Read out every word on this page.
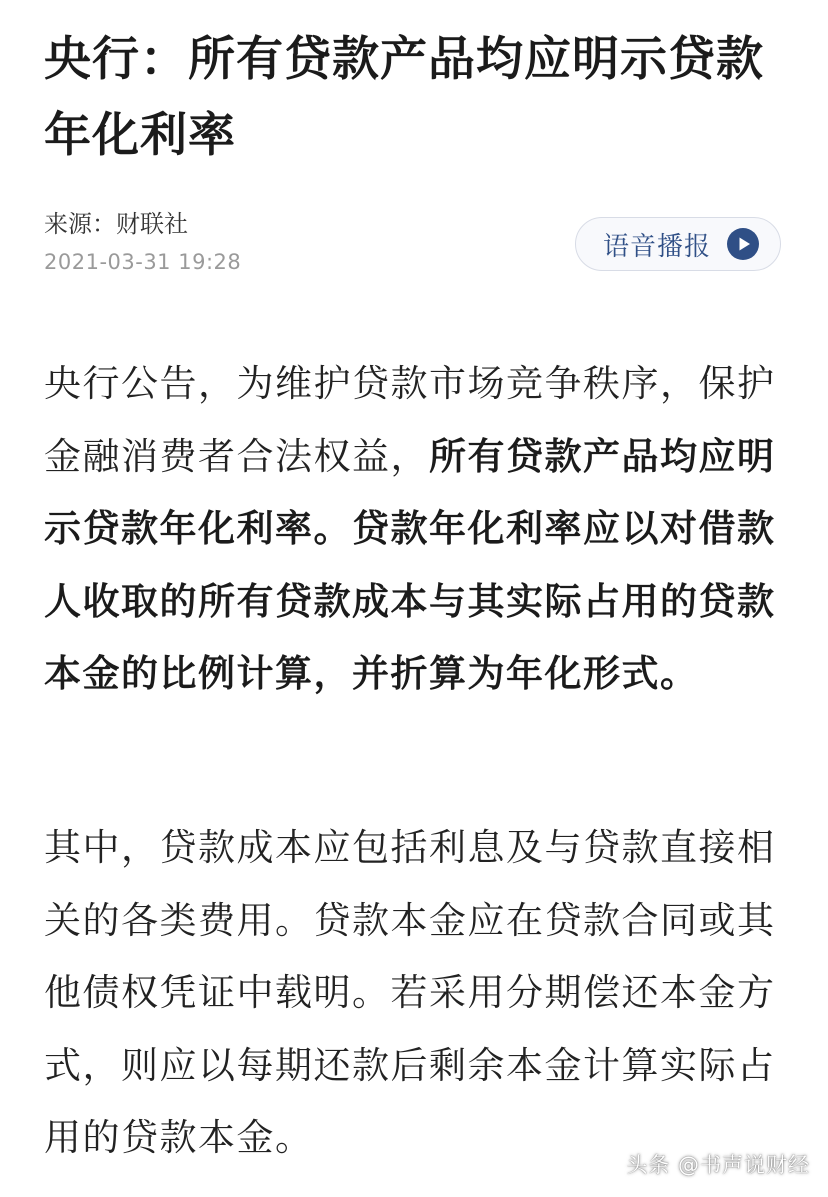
央行：所有贷款产品均应明示贷款年化利率
来源：财联社
2021-03-31 19:28
语音播报

央行公告，为维护贷款市场竞争秩序，保护金融消费者合法权益，所有贷款产品均应明示贷款年化利率。贷款年化利率应以对借款人收取的所有贷款成本与其实际占用的贷款本金的比例计算，并折算为年化形式。

其中，贷款成本应包括利息及与贷款直接相关的各类费用。贷款本金应在贷款合同或其他债权凭证中载明。若采用分期偿还本金方式，则应以每期还款后剩余本金计算实际占用的贷款本金。

头条 @书声说财经
